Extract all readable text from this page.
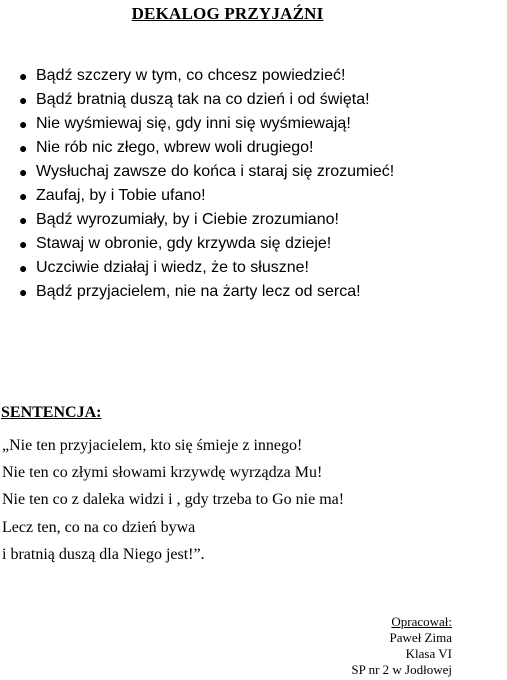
DEKALOG PRZYJAŹNI
● Bądź szczery w tym, co chcesz powiedzieć!
● Bądź bratnią duszą tak na co dzień i od święta!
● Nie wyśmiewaj się, gdy inni się wyśmiewają!
● Nie rób nic złego, wbrew woli drugiego!
● Wysłuchaj zawsze do końca i staraj się zrozumieć!
● Zaufaj, by i Tobie ufano!
● Bądź wyrozumiały, by i Ciebie zrozumiano!
● Stawaj w obronie, gdy krzywda się dzieje!
● Uczciwie działaj i wiedz, że to słuszne!
● Bądź przyjacielem, nie na żarty lecz od serca!
SENTENCJA:
„Nie ten przyjacielem, kto się śmieje z innego!
Nie ten co złymi słowami krzywdę wyrządza Mu!
Nie ten co z daleka widzi i , gdy trzeba to Go nie ma!
Lecz ten, co na co dzień bywa
i bratnią duszą dla Niego jest!”.
Opracował:
Paweł Zima
Klasa VI
SP nr 2 w Jodłowej
